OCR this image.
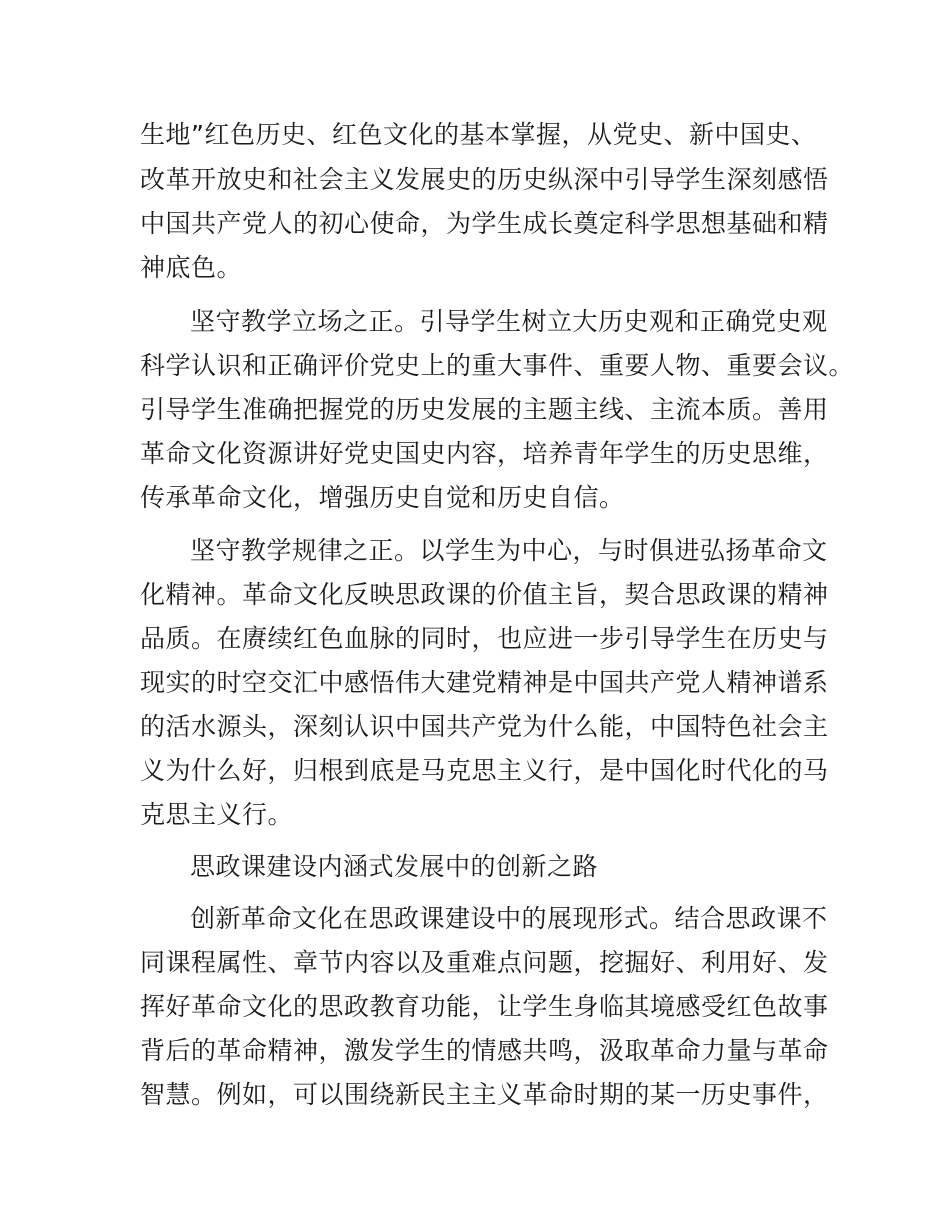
生地”红色历史、红色文化的基本掌握，从党史、新中国史、
改革开放史和社会主义发展史的历史纵深中引导学生深刻感悟
中国共产党人的初心使命，为学生成长奠定科学思想基础和精
神底色。
坚守教学立场之正。引导学生树立大历史观和正确党史观
科学认识和正确评价党史上的重大事件、重要人物、重要会议。
引导学生准确把握党的历史发展的主题主线、主流本质。善用
革命文化资源讲好党史国史内容，培养青年学生的历史思维，
传承革命文化，增强历史自觉和历史自信。
坚守教学规律之正。以学生为中心，与时俱进弘扬革命文
化精神。革命文化反映思政课的价值主旨，契合思政课的精神
品质。在赓续红色血脉的同时，也应进一步引导学生在历史与
现实的时空交汇中感悟伟大建党精神是中国共产党人精神谱系
的活水源头，深刻认识中国共产党为什么能，中国特色社会主
义为什么好，归根到底是马克思主义行，是中国化时代化的马
克思主义行。
思政课建设内涵式发展中的创新之路
创新革命文化在思政课建设中的展现形式。结合思政课不
同课程属性、章节内容以及重难点问题，挖掘好、利用好、发
挥好革命文化的思政教育功能，让学生身临其境感受红色故事
背后的革命精神，激发学生的情感共鸣，汲取革命力量与革命
智慧。例如，可以围绕新民主主义革命时期的某一历史事件，
